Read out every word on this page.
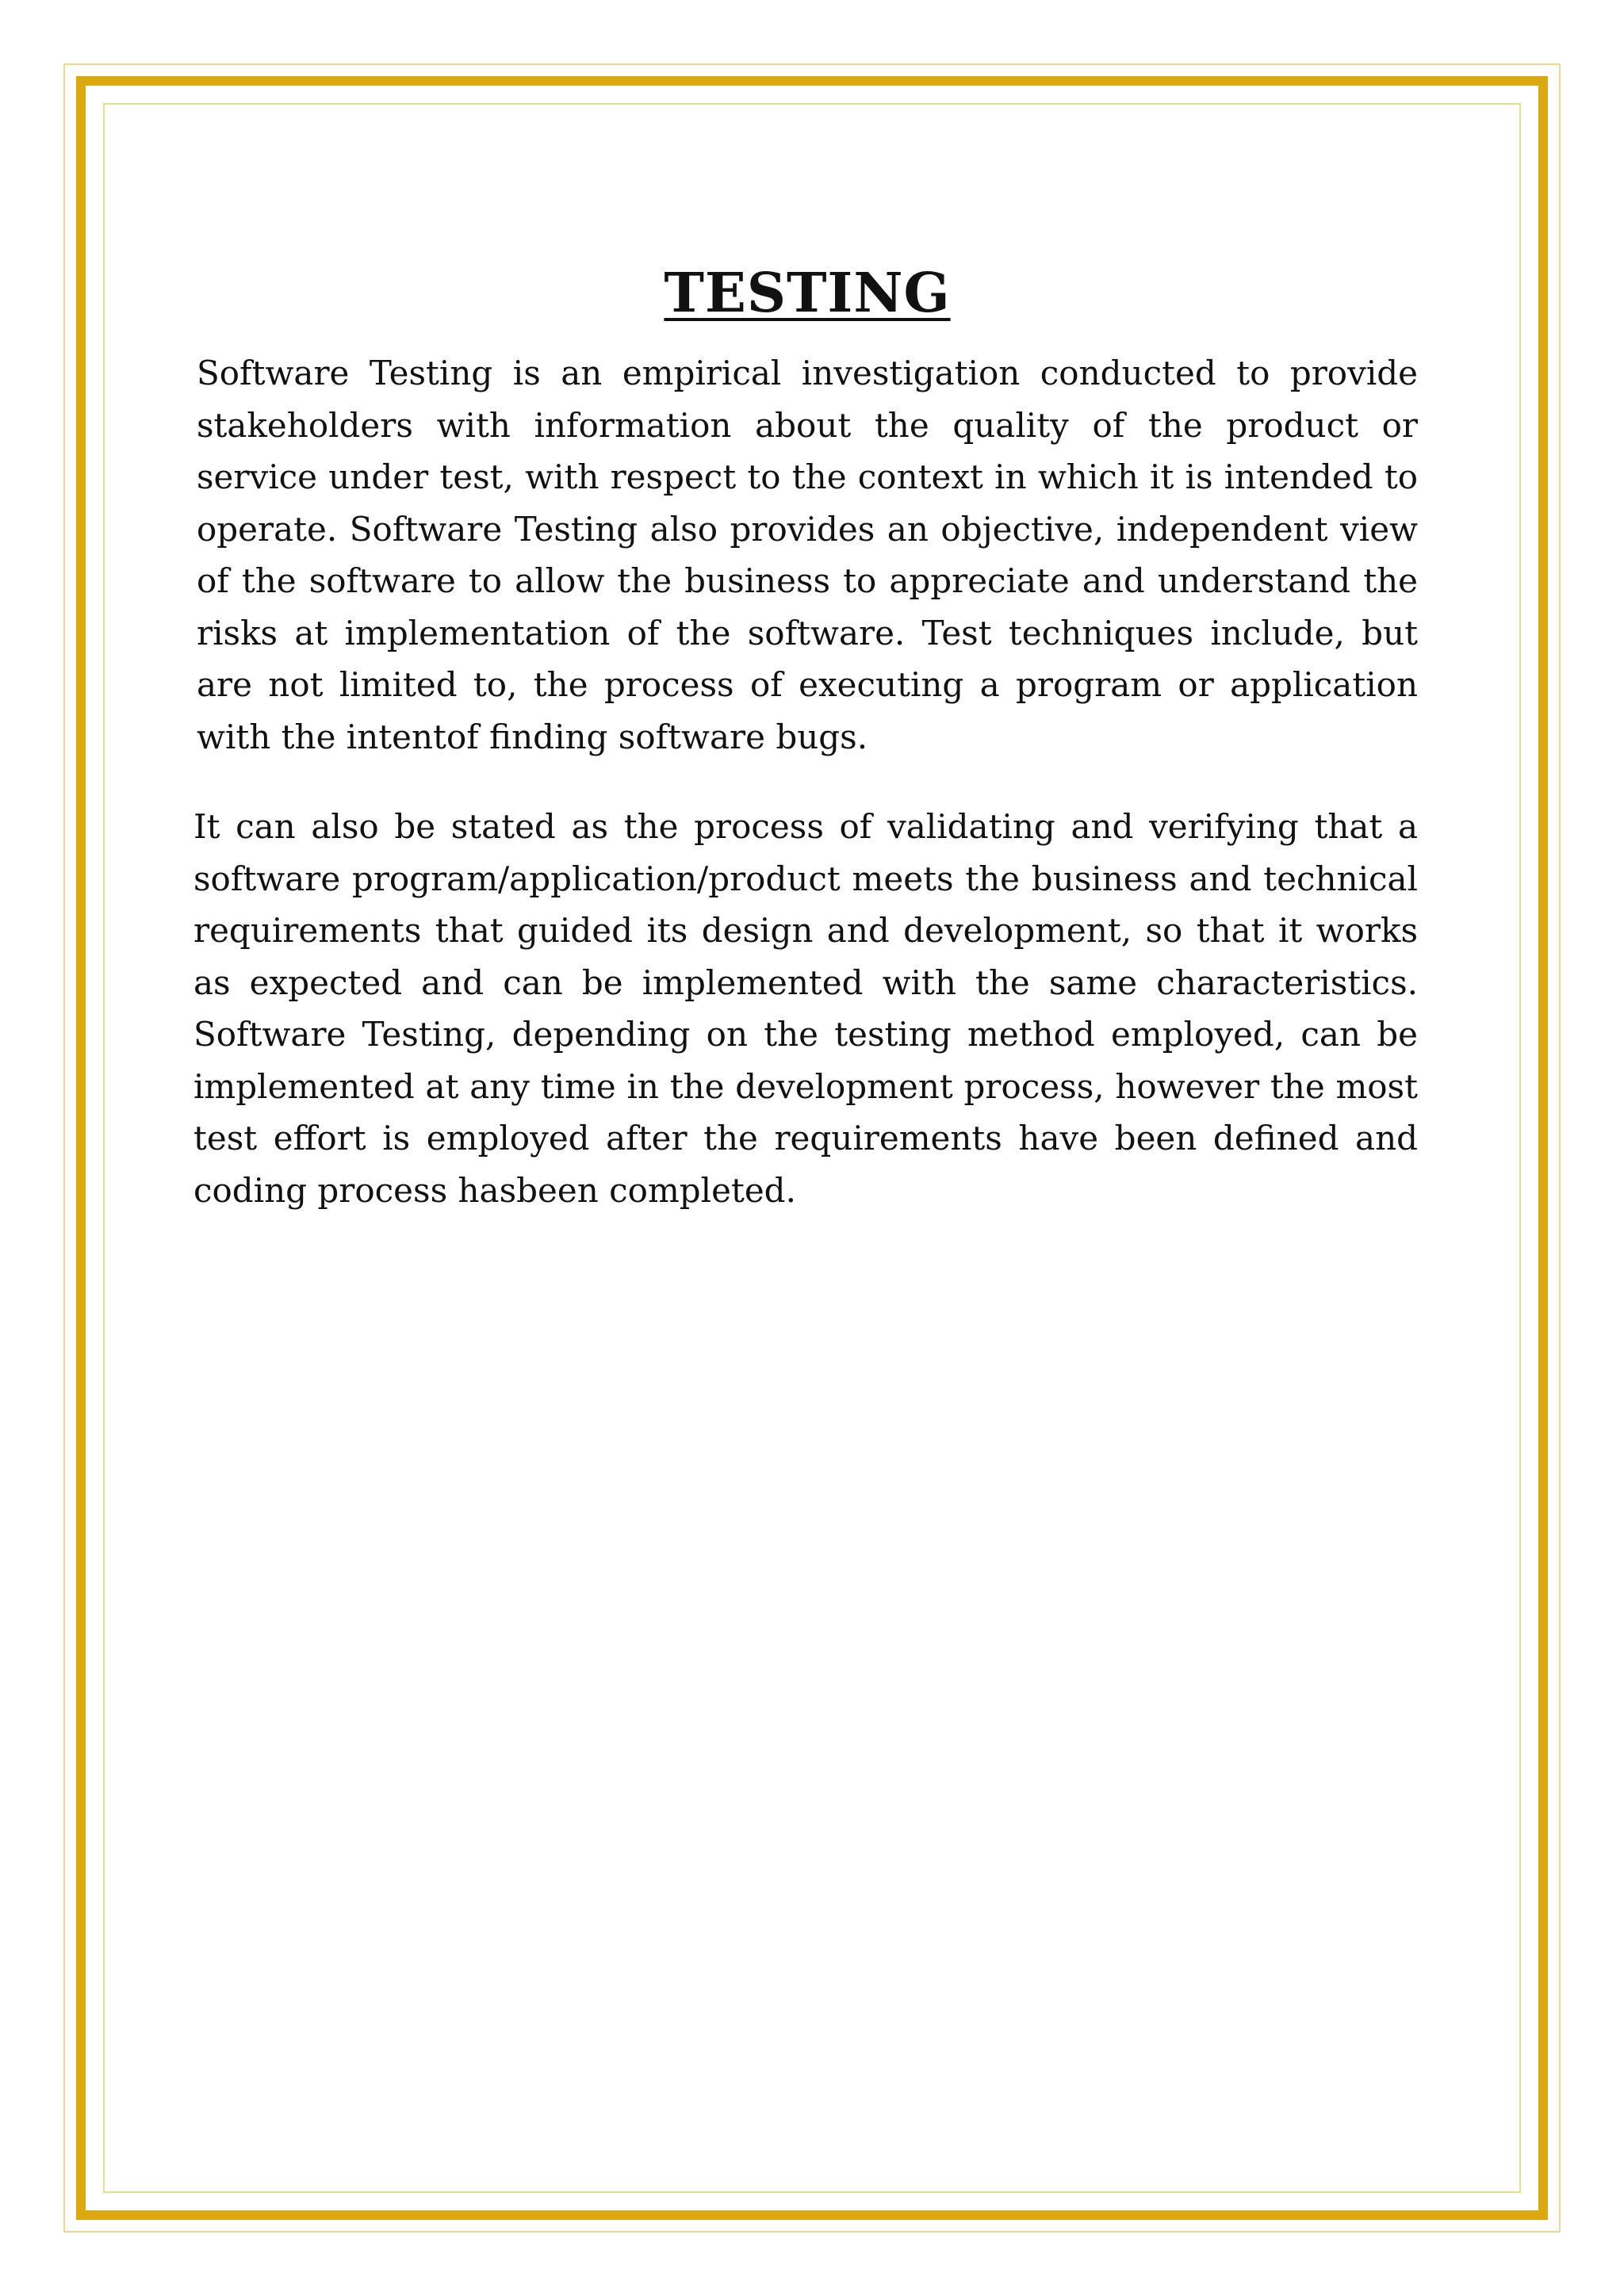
TESTING

Software Testing is an empirical investigation conducted to provide stakeholders with information about the quality of the product or service under test, with respect to the context in which it is intended to operate. Software Testing also provides an objective, independent view of the software to allow the business to appreciate and understand the risks at implementation of the software. Test techniques include, but are not limited to, the process of executing a program or application with the intentof finding software bugs.

It can also be stated as the process of validating and verifying that a software program/application/product meets the business and technical requirements that guided its design and development, so that it works as expected and can be implemented with the same characteristics. Software Testing, depending on the testing method employed, can be implemented at any time in the development process, however the most test effort is employed after the requirements have been defined and coding process hasbeen completed.
